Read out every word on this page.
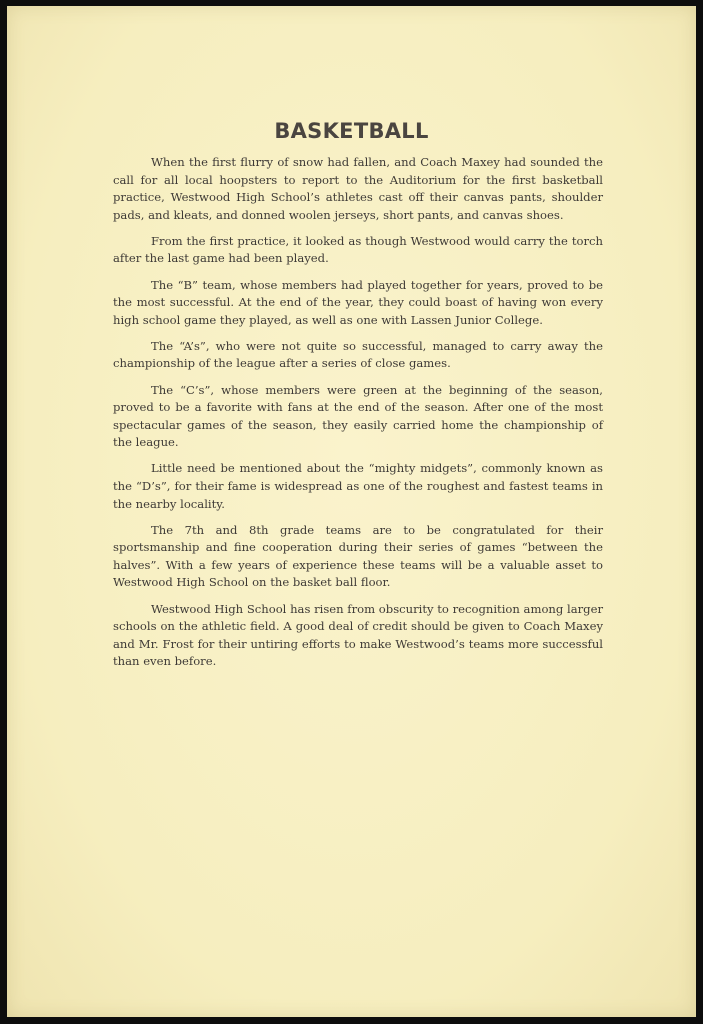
BASKETBALL

When the first flurry of snow had fallen, and Coach Maxey had sounded the call for all local hoopsters to report to the Auditorium for the first basketball practice, Westwood High School’s athletes cast off their canvas pants, shoulder pads, and kleats, and donned woolen jerseys, short pants, and canvas shoes.

From the first practice, it looked as though Westwood would carry the torch after the last game had been played.

The “B” team, whose members had played together for years, proved to be the most successful. At the end of the year, they could boast of having won every high school game they played, as well as one with Lassen Junior College.

The “A’s”, who were not quite so successful, managed to carry away the championship of the league after a series of close games.

The “C’s”, whose members were green at the beginning of the season, proved to be a favorite with fans at the end of the season. After one of the most spectacular games of the season, they easily carried home the championship of the league.

Little need be mentioned about the “mighty midgets”, commonly known as the “D’s”, for their fame is widespread as one of the roughest and fastest teams in the nearby locality.

The 7th and 8th grade teams are to be congratulated for their sportsmanship and fine cooperation during their series of games “between the halves”. With a few years of experience these teams will be a valuable asset to Westwood High School on the basket ball floor.

Westwood High School has risen from obscurity to recognition among larger schools on the athletic field. A good deal of credit should be given to Coach Maxey and Mr. Frost for their untiring efforts to make Westwood’s teams more successful than even before.
